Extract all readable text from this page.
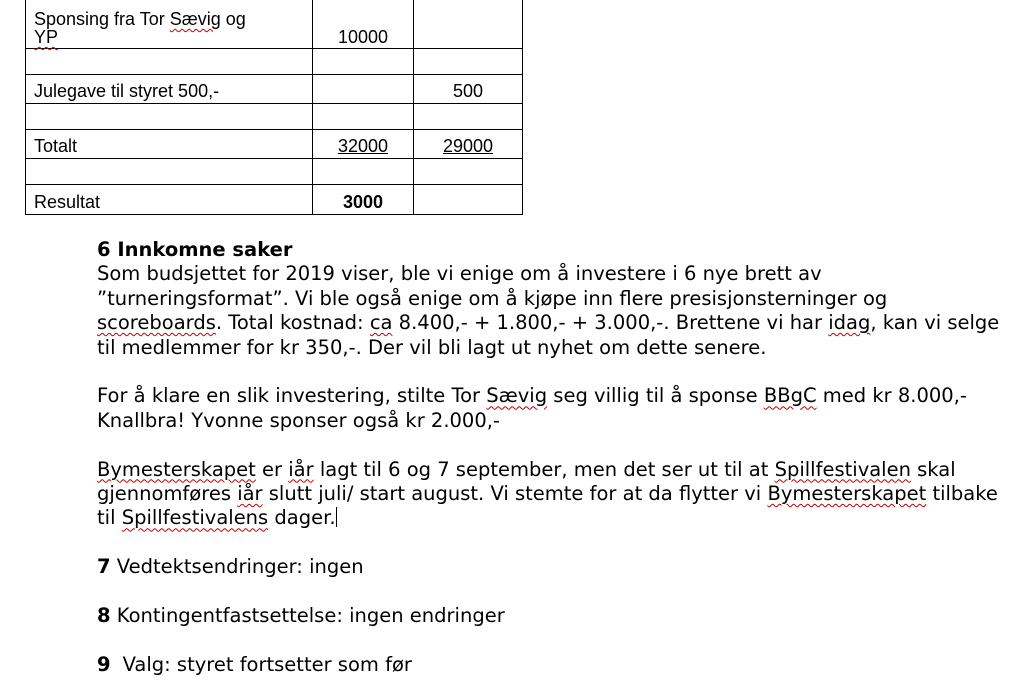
Sponsing fra Tor Sævig og
YP	10000	

Julegave til styret 500,-		500

Totalt	32000	29000

Resultat	3000	

6 Innkomne saker

Som budsjettet for 2019 viser, ble vi enige om å investere i 6 nye brett av ”turneringsformat”. Vi ble også enige om å kjøpe inn flere presisjonsterninger og scoreboards. Total kostnad: ca 8.400,- + 1.800,- + 3.000,-. Brettene vi har idag, kan vi selge til medlemmer for kr 350,-. Der vil bli lagt ut nyhet om dette senere.

For å klare en slik investering, stilte Tor Sævig seg villig til å sponse BBgC med kr 8.000,- Knallbra! Yvonne sponser også kr 2.000,-

Bymesterskapet er iår lagt til 6 og 7 september, men det ser ut til at Spillfestivalen skal gjennomføres iår slutt juli/ start august. Vi stemte for at da flytter vi Bymesterskapet tilbake til Spillfestivalens dager.

7 Vedtektsendringer: ingen

8 Kontingentfastsettelse: ingen endringer

9 Valg: styret fortsetter som før
